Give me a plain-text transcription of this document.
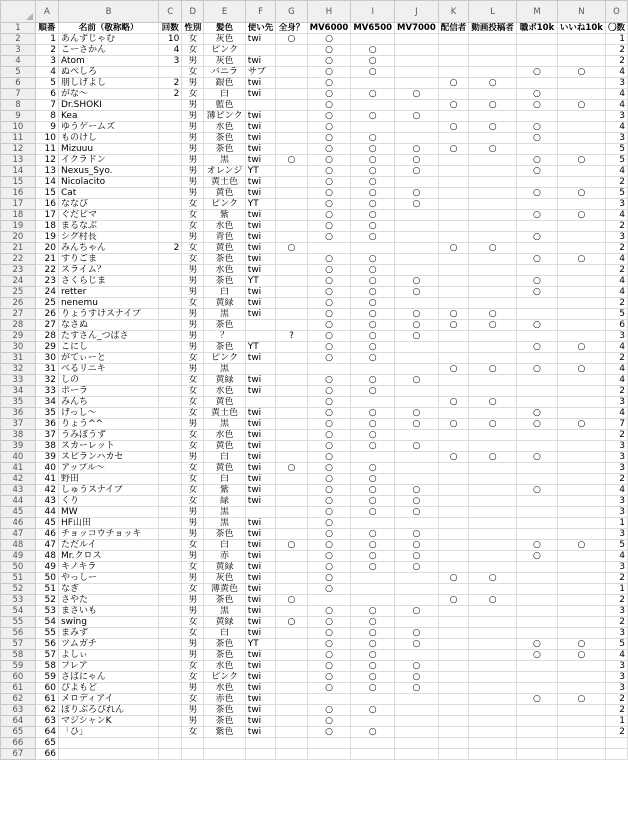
	A	B	C	D	E	F	G	H	I	J	K	L	M	N	O
1	順番	名前（敬称略）	回数	性別	髪色	使い先	全身？	MV6000	MV6500	MV7000	配信者	動画投稿者	職ボ10k	いいね10k	〇数
2	1	あんずじゃむ	10	女	灰色	twi	○	○							1
3	2	こーさかん	4	女	ピンク			○	○						2
4	3	Atom	3	男	灰色	twi		○	○						2
5	4	ぬぺしろ		女	バニラ	サブ		○	○				○	○	4
6	5	朋しげよし	2	男	銀色	twi		○			○	○			3
7	6	がな～	2	女	白	twi		○	○	○			○		4
8	7	Dr.SHOKI		男	藍色			○			○	○	○	○	4
9	8	Kea		男	薄ピンク	twi		○	○	○					3
10	9	ゆうゲームズ		男	水色	twi		○			○	○	○		4
11	10	ものけし		男	茶色	twi		○	○				○		3
12	11	Mizuuu		男	茶色	twi		○	○	○	○	○			5
13	12	イクラドン		男	黒	twi	○	○	○	○			○	○	5
14	13	Nexus_Syo.		男	オレンジ	YT		○	○	○			○		4
15	14	Nicolacito		男	黄土色	twi		○	○						2
16	15	Cat		男	黄色	twi		○	○	○			○	○	5
17	16	ななび		女	ピンク	YT		○	○	○					3
18	17	ぐだピマ		女	紫	twi		○	○				○	○	4
19	18	まるなぶ		女	水色	twi		○	○						2
20	19	シグ村長		男	青色	twi		○	○				○		3
21	20	みんちゃん	2	女	黄色	twi	○				○	○			2
22	21	すりごま		女	茶色	twi		○	○				○	○	4
23	22	スライム？		男	水色	twi		○	○						2
24	23	さくらじま		男	茶色	YT		○	○	○			○		4
25	24	retter		男	白	twi		○	○	○			○		4
26	25	nenemu		女	黄緑	twi		○	○						2
27	26	りょうすけスナイプ		男	黒	twi		○	○	○	○	○			5
28	27	なさぬ		男	茶色			○	○	○	○	○	○		6
29	28	たすさん_つばさ		男	？		?	○	○	○					3
30	29	こにし		男	茶色	YT		○	○				○	○	4
31	30	がてぃーと		女	ピンク	twi		○	○						2
32	31	べるリニキ		男	黒						○	○	○	○	4
33	32	しの		女	黄緑	twi		○	○	○					4
34	33	ポーラ		女	水色	twi		○	○						2
35	34	みんち		女	黄色			○			○	○			3
36	35	げっし～		女	黄土色	twi		○	○	○			○		4
37	36	りょう^^		男	黒	twi		○	○	○	○	○	○	○	7
38	37	うみぼうず		女	水色	twi		○	○						2
39	38	スカーレット		女	黄色	twi		○	○	○					3
40	39	スピランハカセ		男	白	twi		○			○	○	○		3
41	40	アップル～		女	黄色	twi	○	○	○						3
42	41	野田		女	白	twi		○	○						2
43	42	しゅうスナイプ		女	紫	twi		○	○	○			○		4
44	43	くり		女	緑	twi		○	○	○					3
45	44	MW		男	黒			○	○	○					3
46	45	HF山田		男	黒	twi		○							1
47	46	チョッコウチョッキ		男	茶色	twi		○	○	○					3
48	47	ただルイ		女	白	twi	○	○	○	○			○	○	5
49	48	Mr.クロス		男	赤	twi		○	○	○			○		4
50	49	キノキラ		女	黄緑	twi		○	○	○					3
51	50	やっしー		男	灰色	twi		○			○	○			2
52	51	なぎ		女	薄黄色	twi		○							1
53	52	さやた		男	茶色	twi	○				○	○			2
54	53	まさいも		男	黒	twi		○	○	○					3
55	54	swing		女	黄緑	twi	○	○	○						2
56	55	まみず		女	白	twi		○	○	○					3
57	56	ツムガチ		男	茶色	YT		○	○	○			○	○	5
58	57	よしぃ		男	茶色	twi		○	○				○	○	4
59	58	フレア		女	水色	twi		○	○	○					3
60	59	さばにゃん		女	ピンク	twi		○	○	○					3
61	60	ぴよもど		男	水色	twi		○	○	○					3
62	61	メロディアイ		女	赤色	twi							○	○	2
63	62	ぽりぶろぴれん		男	茶色	twi		○	○						2
64	63	マジシャンK		男	茶色	twi		○							1
65	64	「ひ」		女	紫色	twi		○	○						2
66	65														
67	66														
